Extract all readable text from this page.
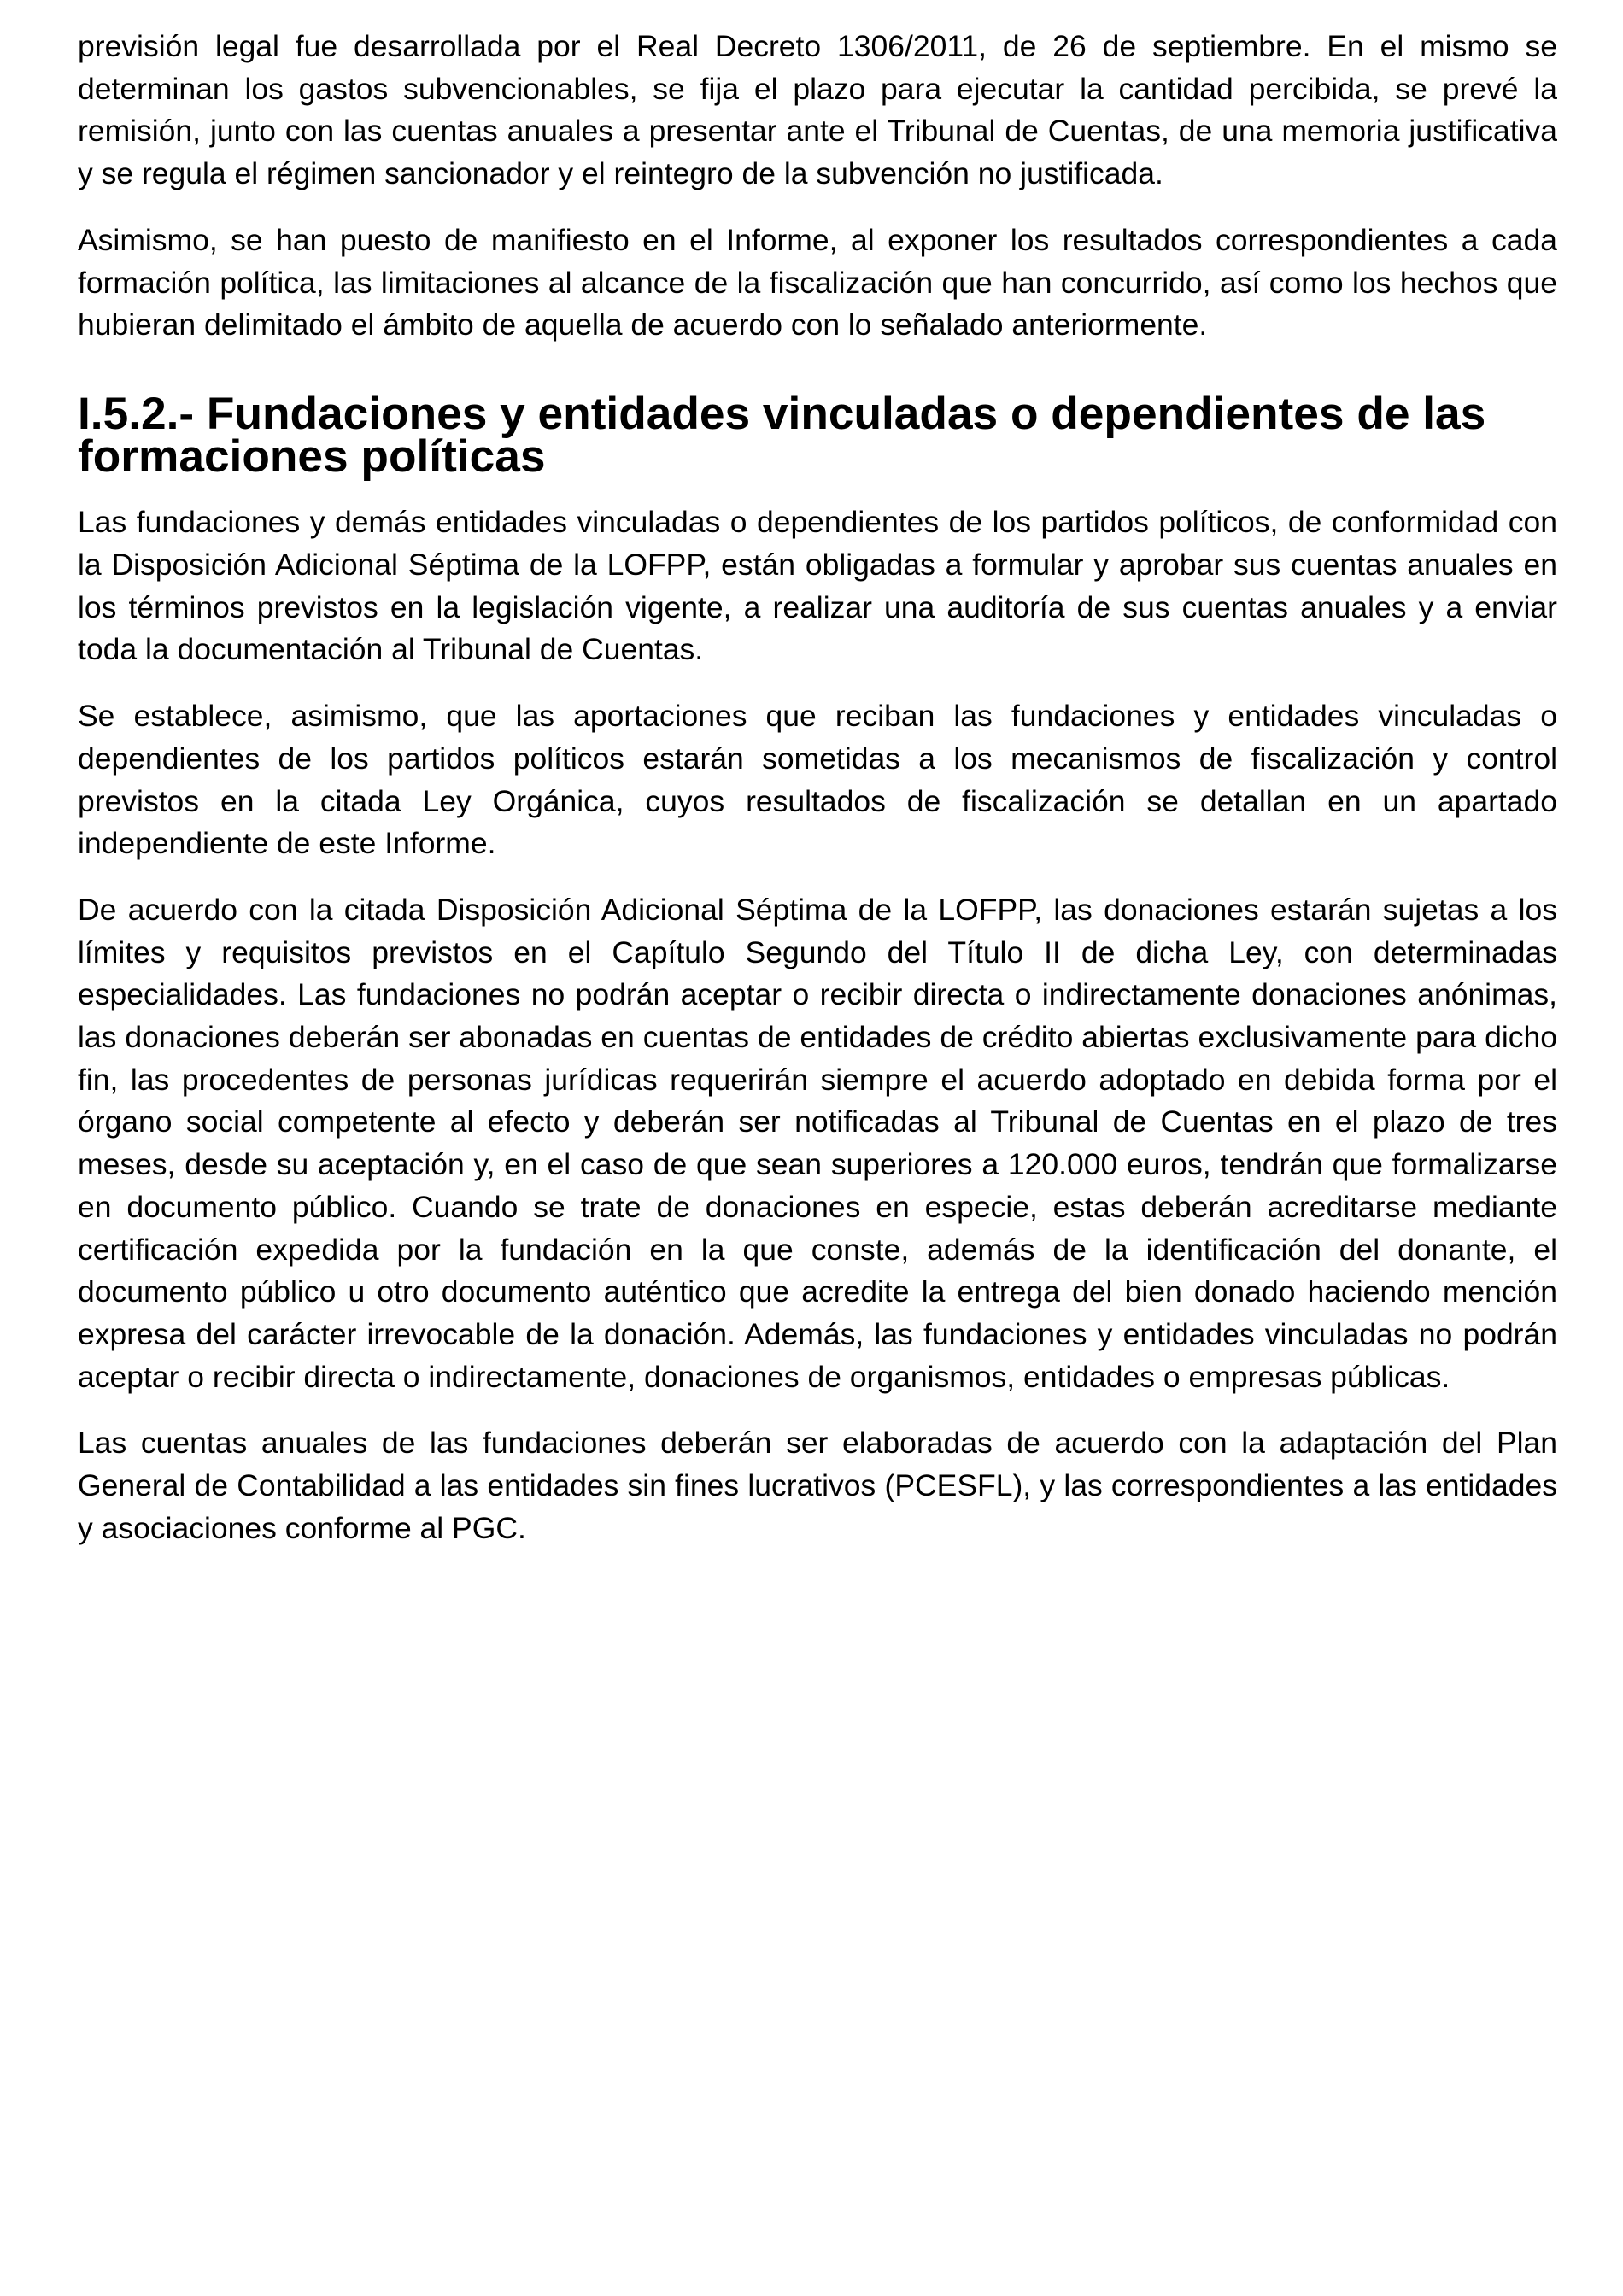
previsión legal fue desarrollada por el Real Decreto 1306/2011, de 26 de septiembre. En el mismo se determinan los gastos subvencionables, se fija el plazo para ejecutar la cantidad percibida, se prevé la remisión, junto con las cuentas anuales a presentar ante el Tribunal de Cuentas, de una memoria justificativa y se regula el régimen sancionador y el reintegro de la subvención no justificada.

Asimismo, se han puesto de manifiesto en el Informe, al exponer los resultados correspondientes a cada formación política, las limitaciones al alcance de la fiscalización que han concurrido, así como los hechos que hubieran delimitado el ámbito de aquella de acuerdo con lo señalado anteriormente.

I.5.2.- Fundaciones y entidades vinculadas o dependientes de las formaciones políticas

Las fundaciones y demás entidades vinculadas o dependientes de los partidos políticos, de conformidad con la Disposición Adicional Séptima de la LOFPP, están obligadas a formular y aprobar sus cuentas anuales en los términos previstos en la legislación vigente, a realizar una auditoría de sus cuentas anuales y a enviar toda la documentación al Tribunal de Cuentas.

Se establece, asimismo, que las aportaciones que reciban las fundaciones y entidades vinculadas o dependientes de los partidos políticos estarán sometidas a los mecanismos de fiscalización y control previstos en la citada Ley Orgánica, cuyos resultados de fiscalización se detallan en un apartado independiente de este Informe.

De acuerdo con la citada Disposición Adicional Séptima de la LOFPP, las donaciones estarán sujetas a los límites y requisitos previstos en el Capítulo Segundo del Título II de dicha Ley, con determinadas especialidades. Las fundaciones no podrán aceptar o recibir directa o indirectamente donaciones anónimas, las donaciones deberán ser abonadas en cuentas de entidades de crédito abiertas exclusivamente para dicho fin, las procedentes de personas jurídicas requerirán siempre el acuerdo adoptado en debida forma por el órgano social competente al efecto y deberán ser notificadas al Tribunal de Cuentas en el plazo de tres meses, desde su aceptación y, en el caso de que sean superiores a 120.000 euros, tendrán que formalizarse en documento público. Cuando se trate de donaciones en especie, estas deberán acreditarse mediante certificación expedida por la fundación en la que conste, además de la identificación del donante, el documento público u otro documento auténtico que acredite la entrega del bien donado haciendo mención expresa del carácter irrevocable de la donación. Además, las fundaciones y entidades vinculadas no podrán aceptar o recibir directa o indirectamente, donaciones de organismos, entidades o empresas públicas.

Las cuentas anuales de las fundaciones deberán ser elaboradas de acuerdo con la adaptación del Plan General de Contabilidad a las entidades sin fines lucrativos (PCESFL), y las correspondientes a las entidades y asociaciones conforme al PGC.
